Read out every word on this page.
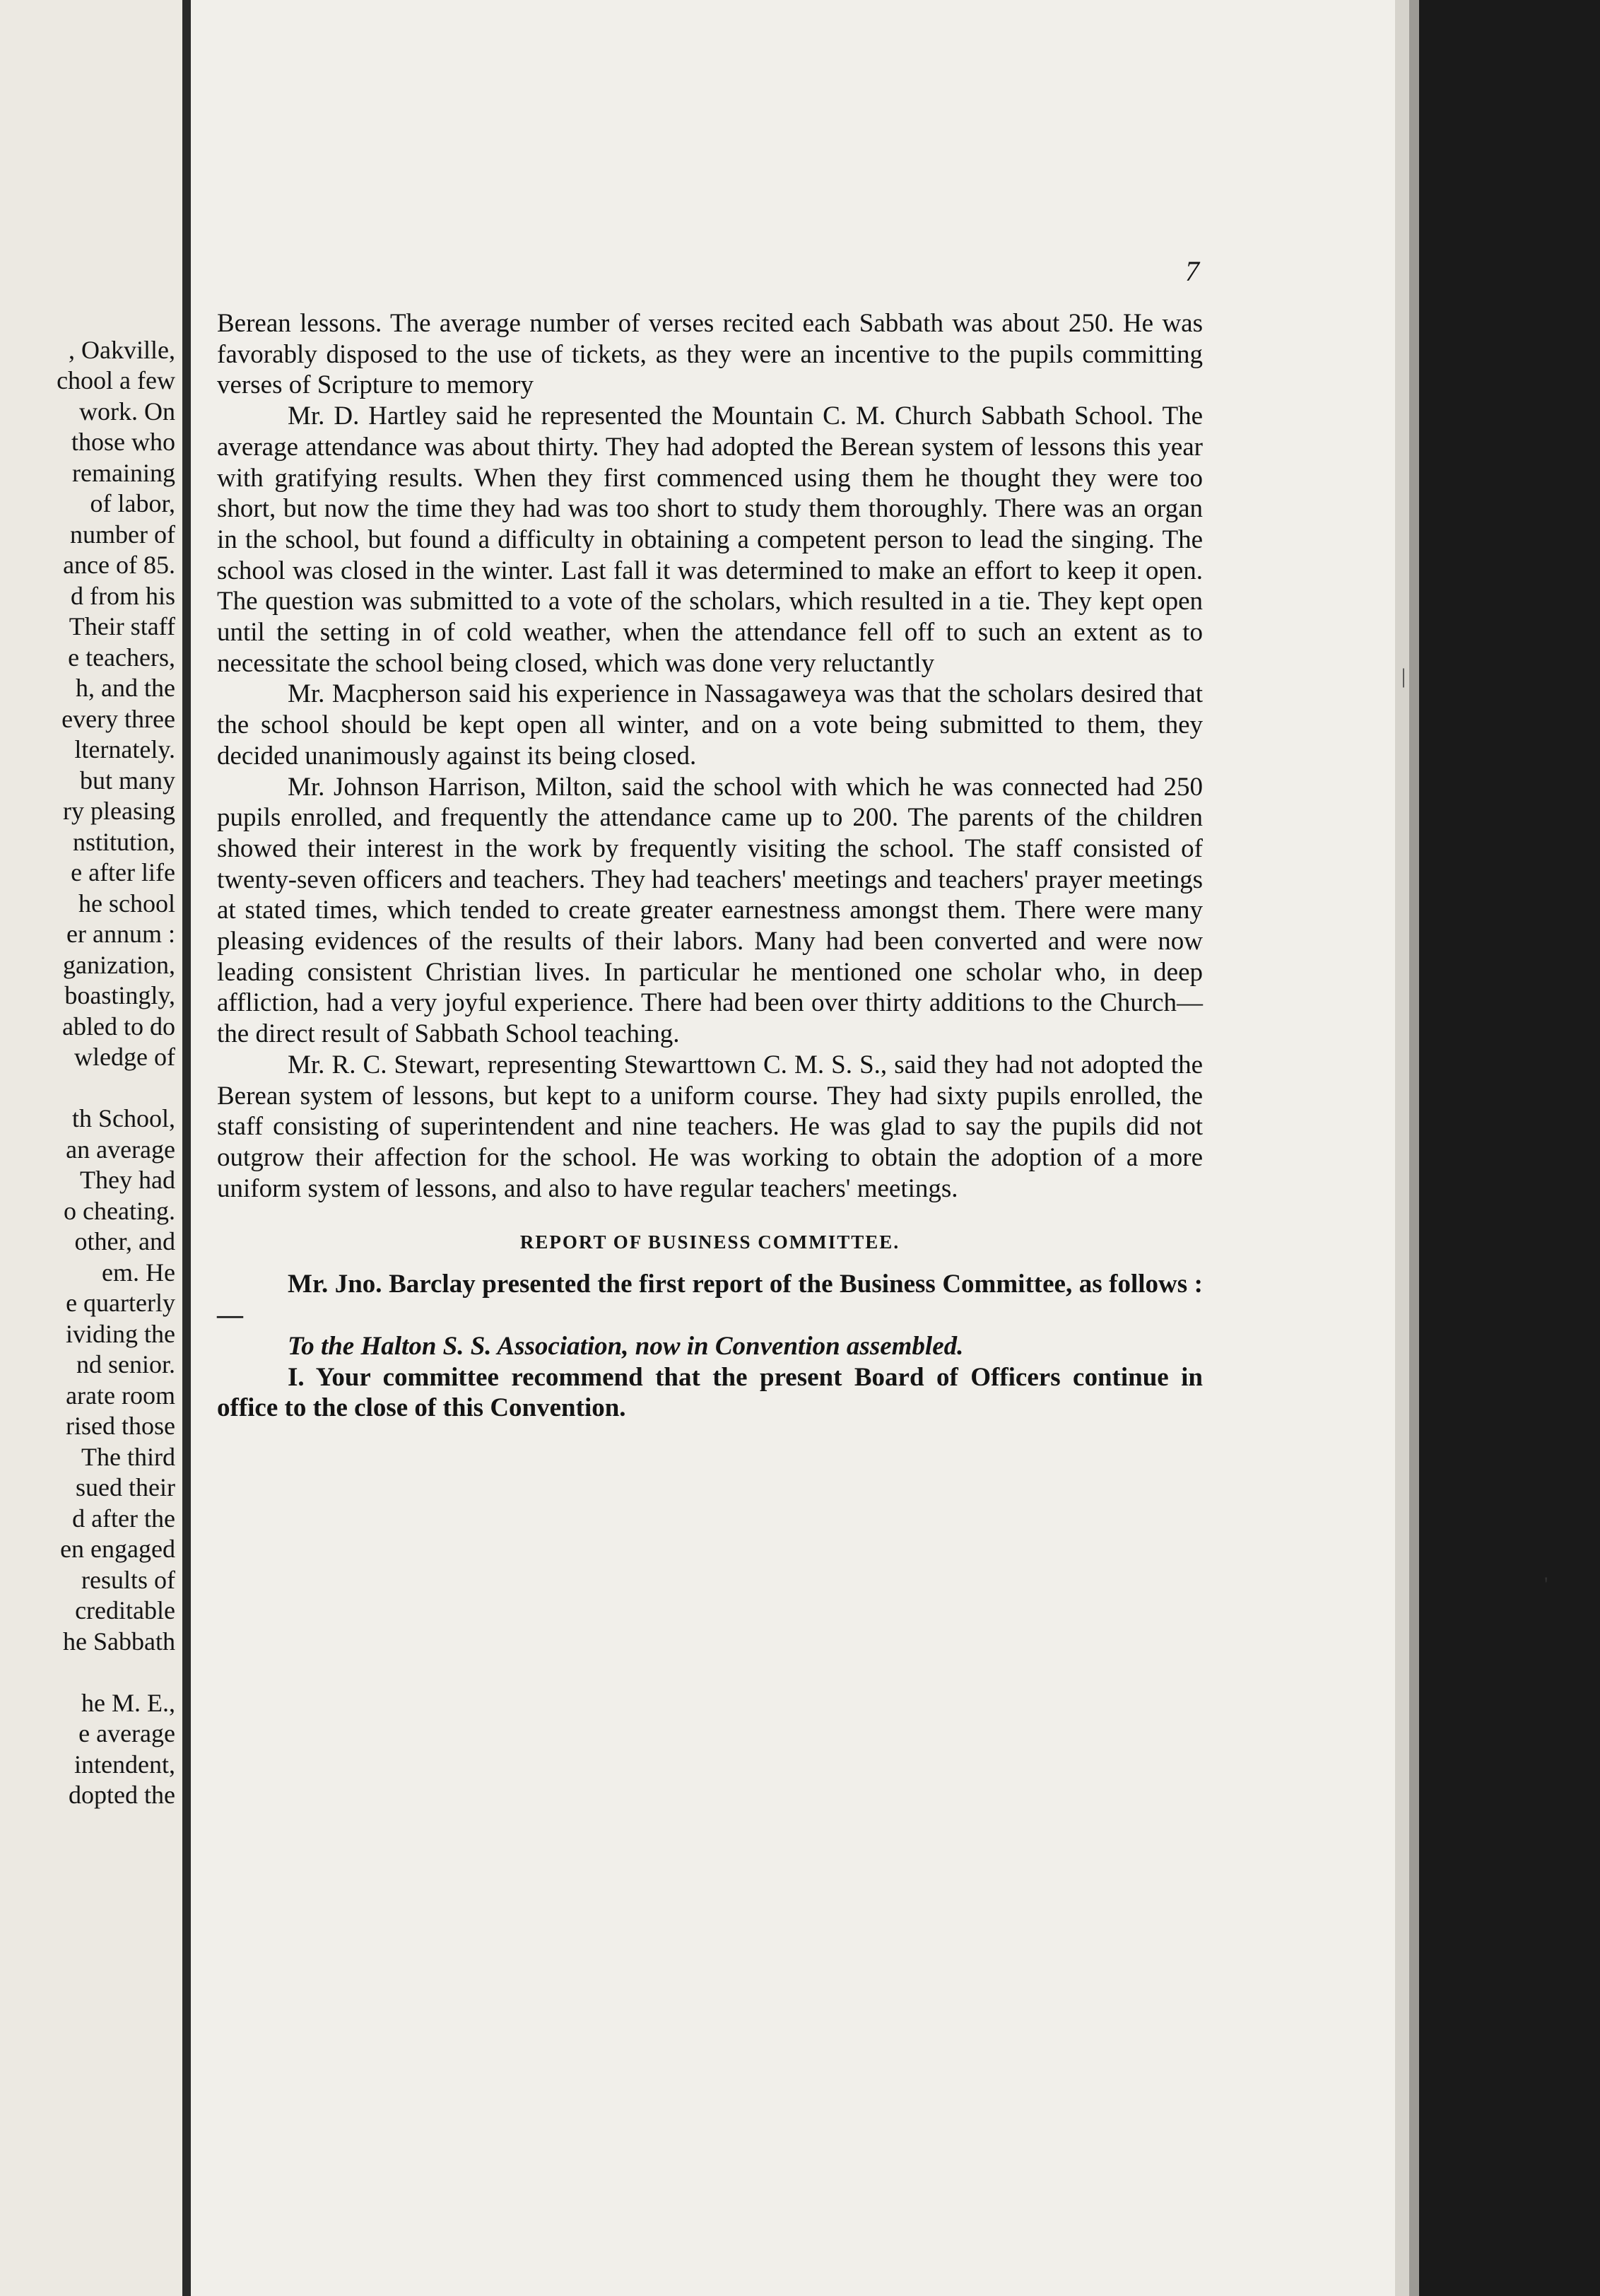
, Oakville,
chool a few
work. On
those who
remaining
of labor,
number of
ance of 85.
d from his
Their staff
e teachers,
h, and the
every three
lternately.
but many
ry pleasing
nstitution,
e after life
he school
er annum :
ganization,
boastingly,
abled to do
wledge of

th School,
an average
They had
o cheating.
other, and
em. He
e quarterly
ividing the
nd senior.
arate room
rised those
The third
sued their
d after the
en engaged
results of
creditable
he Sabbath

he M. E.,
e average
intendent,
dopted the
7

Berean lessons. The average number of verses recited each Sabbath was about 250. He was favorably disposed to the use of tickets, as they were an incentive to the pupils committing verses of Scripture to memory

Mr. D. Hartley said he represented the Mountain C. M. Church Sabbath School. The average attendance was about thirty. They had adopted the Berean system of lessons this year with gratifying results. When they first commenced using them he thought they were too short, but now the time they had was too short to study them thoroughly. There was an organ in the school, but found a difficulty in obtaining a competent person to lead the singing. The school was closed in the winter. Last fall it was determined to make an effort to keep it open. The question was submitted to a vote of the scholars, which resulted in a tie. They kept open until the setting in of cold weather, when the attendance fell off to such an extent as to necessitate the school being closed, which was done very reluctantly

Mr. Macpherson said his experience in Nassagaweya was that the scholars desired that the school should be kept open all winter, and on a vote being submitted to them, they decided unanimously against its being closed.

Mr. Johnson Harrison, Milton, said the school with which he was connected had 250 pupils enrolled, and frequently the attendance came up to 200. The parents of the children showed their interest in the work by frequently visiting the school. The staff consisted of twenty-seven officers and teachers. They had teachers' meetings and teachers' prayer meetings at stated times, which tended to create greater earnestness amongst them. There were many pleasing evidences of the results of their labors. Many had been converted and were now leading consistent Christian lives. In particular he mentioned one scholar who, in deep affliction, had a very joyful experience. There had been over thirty additions to the Church—the direct result of Sabbath School teaching.

Mr. R. C. Stewart, representing Stewarttown C. M. S. S., said they had not adopted the Berean system of lessons, but kept to a uniform course. They had sixty pupils enrolled, the staff consisting of superintendent and nine teachers. He was glad to say the pupils did not outgrow their affection for the school. He was working to obtain the adoption of a more uniform system of lessons, and also to have regular teachers' meetings.

REPORT OF BUSINESS COMMITTEE.

Mr. Jno. Barclay presented the first report of the Business Committee, as follows :—

To the Halton S. S. Association, now in Convention assembled.

I. Your committee recommend that the present Board of Officers continue in office to the close of this Convention.

|
'
